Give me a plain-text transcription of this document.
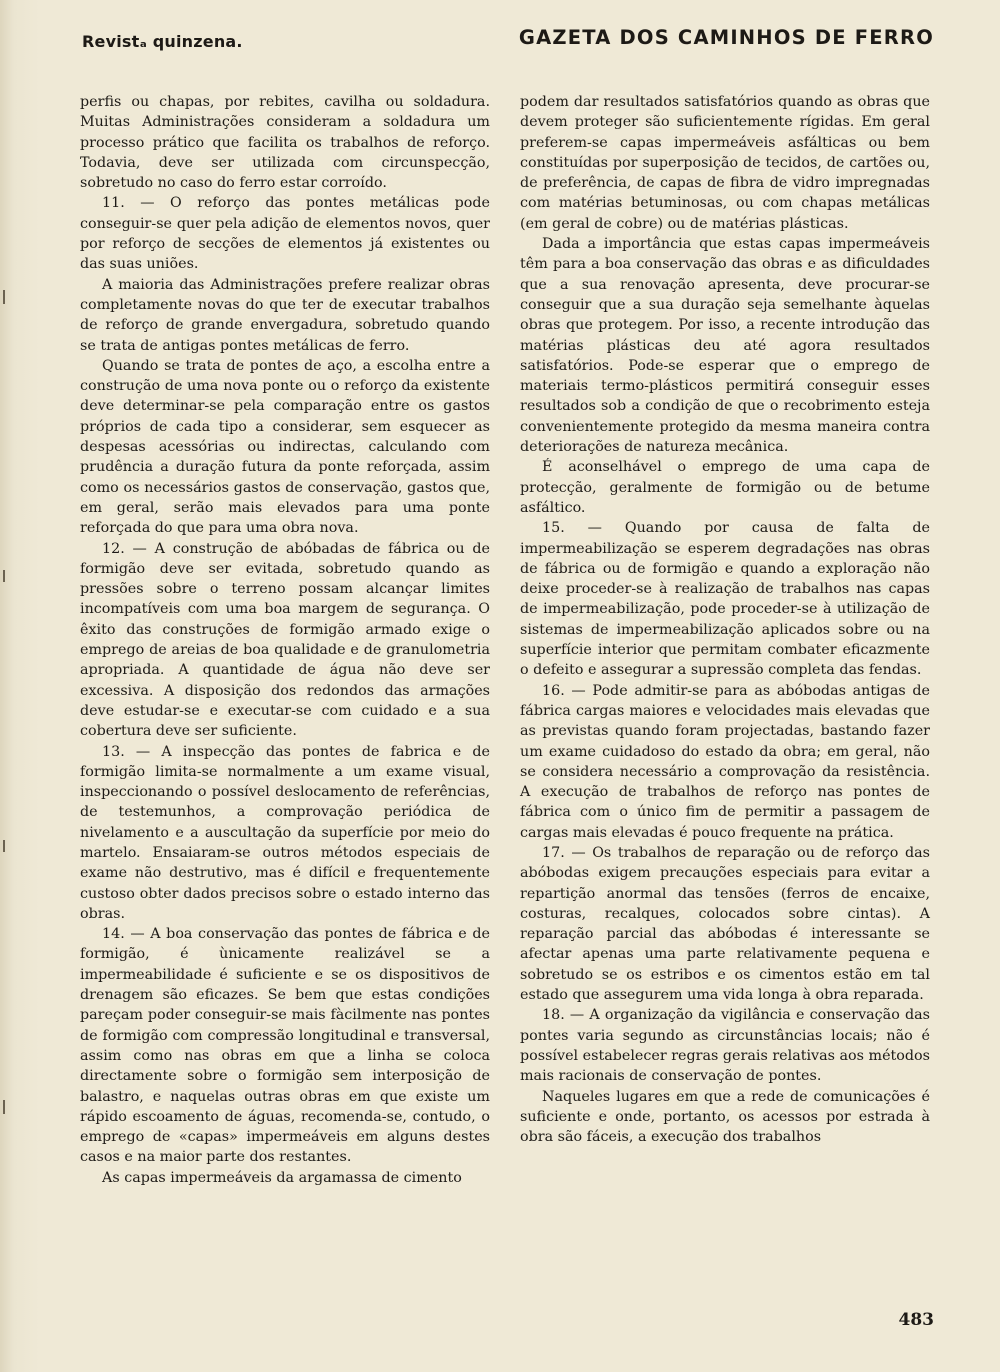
Revistₐ quinzena.	GAZETA DOS CAMINHOS DE FERRO

perfis ou chapas, por rebites, cavilha ou soldadura. Muitas Administrações consideram a soldadura um processo prático que facilita os trabalhos de reforço. Todavia, deve ser utilizada com circunspecção, sobretudo no caso do ferro estar corroído.

11. — O reforço das pontes metálicas pode conseguir-se quer pela adição de elementos novos, quer por reforço de secções de elementos já existentes ou das suas uniões.

A maioria das Administrações prefere realizar obras completamente novas do que ter de executar trabalhos de reforço de grande envergadura, sobretudo quando se trata de antigas pontes metálicas de ferro.

Quando se trata de pontes de aço, a escolha entre a construção de uma nova ponte ou o reforço da existente deve determinar-se pela comparação entre os gastos próprios de cada tipo a considerar, sem esquecer as despesas acessórias ou indirectas, calculando com prudência a duração futura da ponte reforçada, assim como os necessários gastos de conservação, gastos que, em geral, serão mais elevados para uma ponte reforçada do que para uma obra nova.

12. — A construção de abóbadas de fábrica ou de formigão deve ser evitada, sobretudo quando as pressões sobre o terreno possam alcançar limites incompatíveis com uma boa margem de segurança. O êxito das construções de formigão armado exige o emprego de areias de boa qualidade e de granulometria apropriada. A quantidade de água não deve ser excessiva. A disposição dos redondos das armações deve estudar-se e executar-se com cuidado e a sua cobertura deve ser suficiente.

13. — A inspecção das pontes de fabrica e de formigão limita-se normalmente a um exame visual, inspeccionando o possível deslocamento de referências, de testemunhos, a comprovação periódica de nivelamento e a auscultação da superfície por meio do martelo. Ensaiaram-se outros métodos especiais de exame não destrutivo, mas é difícil e frequentemente custoso obter dados precisos sobre o estado interno das obras.

14. — A boa conservação das pontes de fábrica e de formigão, é ùnicamente realizável se a impermeabilidade é suficiente e se os dispositivos de drenagem são eficazes. Se bem que estas condições pareçam poder conseguir-se mais fàcilmente nas pontes de formigão com compressão longitudinal e transversal, assim como nas obras em que a linha se coloca directamente sobre o formigão sem interposição de balastro, e naquelas outras obras em que existe um rápido escoamento de águas, recomenda-se, contudo, o emprego de «capas» impermeáveis em alguns destes casos e na maior parte dos restantes.

As capas impermeáveis da argamassa de cimento

podem dar resultados satisfatórios quando as obras que devem proteger são suficientemente rígidas. Em geral preferem-se capas impermeáveis asfálticas ou bem constituídas por superposição de tecidos, de cartões ou, de preferência, de capas de fibra de vidro impregnadas com matérias betuminosas, ou com chapas metálicas (em geral de cobre) ou de matérias plásticas.

Dada a importância que estas capas impermeáveis têm para a boa conservação das obras e as dificuldades que a sua renovação apresenta, deve procurar-se conseguir que a sua duração seja semelhante àquelas obras que protegem. Por isso, a recente introdução das matérias plásticas deu até agora resultados satisfatórios. Pode-se esperar que o emprego de materiais termo-plásticos permitirá conseguir esses resultados sob a condição de que o recobrimento esteja convenientemente protegido da mesma maneira contra deteriorações de natureza mecânica.

É aconselhável o emprego de uma capa de protecção, geralmente de formigão ou de betume asfáltico.

15. — Quando por causa de falta de impermeabilização se esperem degradações nas obras de fábrica ou de formigão e quando a exploração não deixe proceder-se à realização de trabalhos nas capas de impermeabilização, pode proceder-se à utilização de sistemas de impermeabilização aplicados sobre ou na superfície interior que permitam combater eficazmente o defeito e assegurar a supressão completa das fendas.

16. — Pode admitir-se para as abóbodas antigas de fábrica cargas maiores e velocidades mais elevadas que as previstas quando foram projectadas, bastando fazer um exame cuidadoso do estado da obra; em geral, não se considera necessário a comprovação da resistência. A execução de trabalhos de reforço nas pontes de fábrica com o único fim de permitir a passagem de cargas mais elevadas é pouco frequente na prática.

17. — Os trabalhos de reparação ou de reforço das abóbodas exigem precauções especiais para evitar a repartição anormal das tensões (ferros de encaixe, costuras, recalques, colocados sobre cintas). A reparação parcial das abóbodas é interessante se afectar apenas uma parte relativamente pequena e sobretudo se os estribos e os cimentos estão em tal estado que assegurem uma vida longa à obra reparada.

18. — A organização da vigilância e conservação das pontes varia segundo as circunstâncias locais; não é possível estabelecer regras gerais relativas aos métodos mais racionais de conservação de pontes.

Naqueles lugares em que a rede de comunicações é suficiente e onde, portanto, os acessos por estrada à obra são fáceis, a execução dos trabalhos

483
